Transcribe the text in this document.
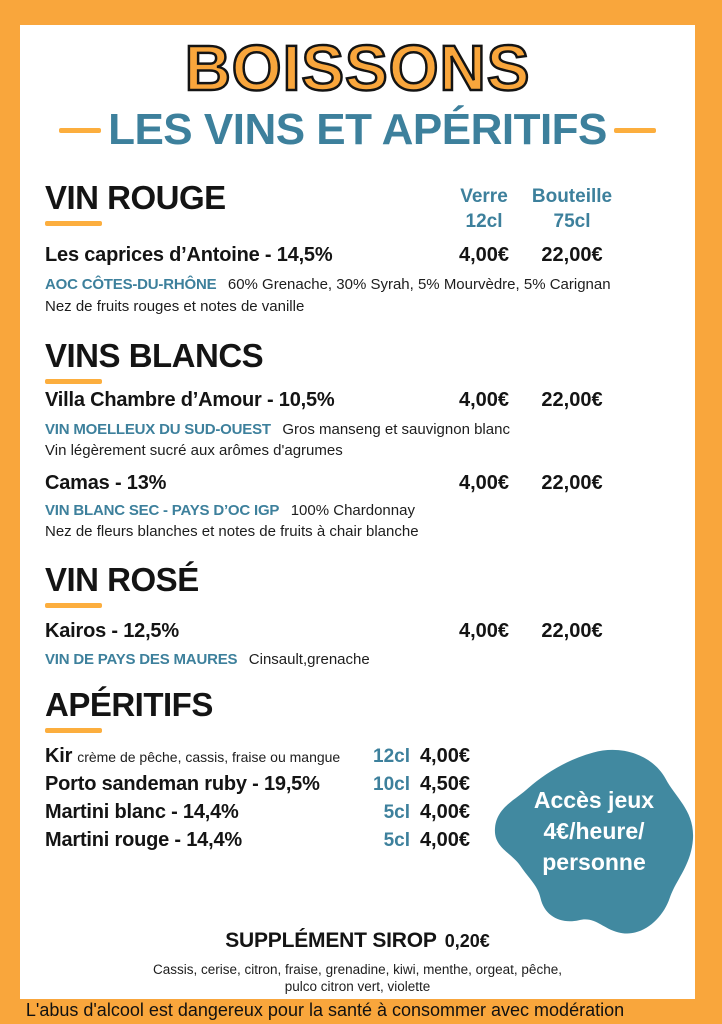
BOISSONS
LES VINS ET APÉRITIFS
VIN ROUGE	Verre	Bouteille
12cl	75cl
Les caprices d’Antoine - 14,5%	4,00€	22,00€
AOC CÔTES-DU-RHÔNE 60% Grenache, 30% Syrah, 5% Mourvèdre, 5% Carignan
Nez de fruits rouges et notes de vanille
VINS BLANCS
Villa Chambre d’Amour - 10,5%	4,00€	22,00€
VIN MOELLEUX DU SUD-OUEST Gros manseng et sauvignon blanc
Vin légèrement sucré aux arômes d'agrumes
Camas - 13%	4,00€	22,00€
VIN BLANC SEC - PAYS D’OC IGP 100% Chardonnay
Nez de fleurs blanches et notes de fruits à chair blanche
VIN ROSÉ
Kairos - 12,5%	4,00€	22,00€
VIN DE PAYS DES MAURES Cinsault,grenache
APÉRITIFS
Kir crème de pêche, cassis, fraise ou mangue	12cl 4,00€
Porto sandeman ruby - 19,5%	10cl 4,50€
Martini blanc - 14,4%	5cl 4,00€
Martini rouge - 14,4%	5cl 4,00€
Accès jeux
4€/heure/
personne
SUPPLÉMENT SIROP 0,20€
Cassis, cerise, citron, fraise, grenadine, kiwi, menthe, orgeat, pêche,
pulco citron vert, violette
L'abus d'alcool est dangereux pour la santé à consommer avec modération
